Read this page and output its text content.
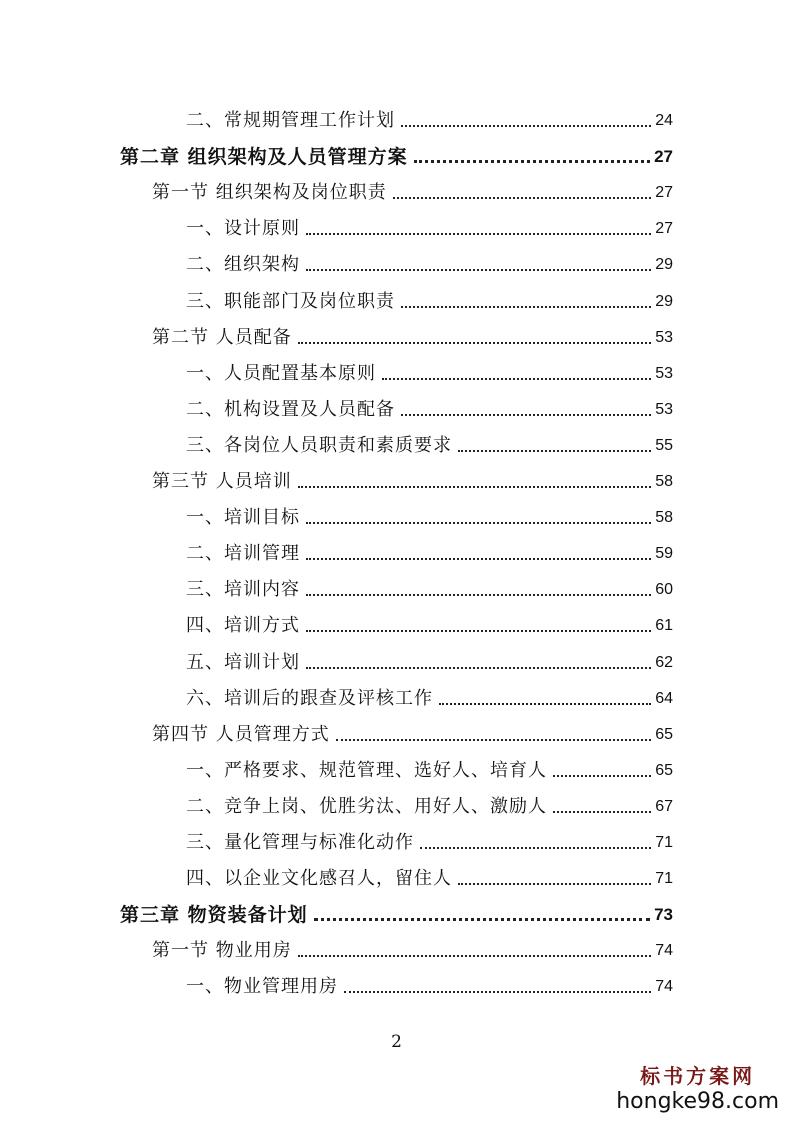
二、常规期管理工作计划	24
第二章 组织架构及人员管理方案	27
第一节 组织架构及岗位职责	27
一、设计原则	27
二、组织架构	29
三、职能部门及岗位职责	29
第二节 人员配备	53
一、人员配置基本原则	53
二、机构设置及人员配备	53
三、各岗位人员职责和素质要求	55
第三节 人员培训	58
一、培训目标	58
二、培训管理	59
三、培训内容	60
四、培训方式	61
五、培训计划	62
六、培训后的跟查及评核工作	64
第四节 人员管理方式	65
一、严格要求、规范管理、选好人、培育人	65
二、竞争上岗、优胜劣汰、用好人、激励人	67
三、量化管理与标准化动作	71
四、以企业文化感召人，留住人	71
第三章 物资装备计划	73
第一节 物业用房	74
一、物业管理用房	74
2
标书方案网
hongke98.com
